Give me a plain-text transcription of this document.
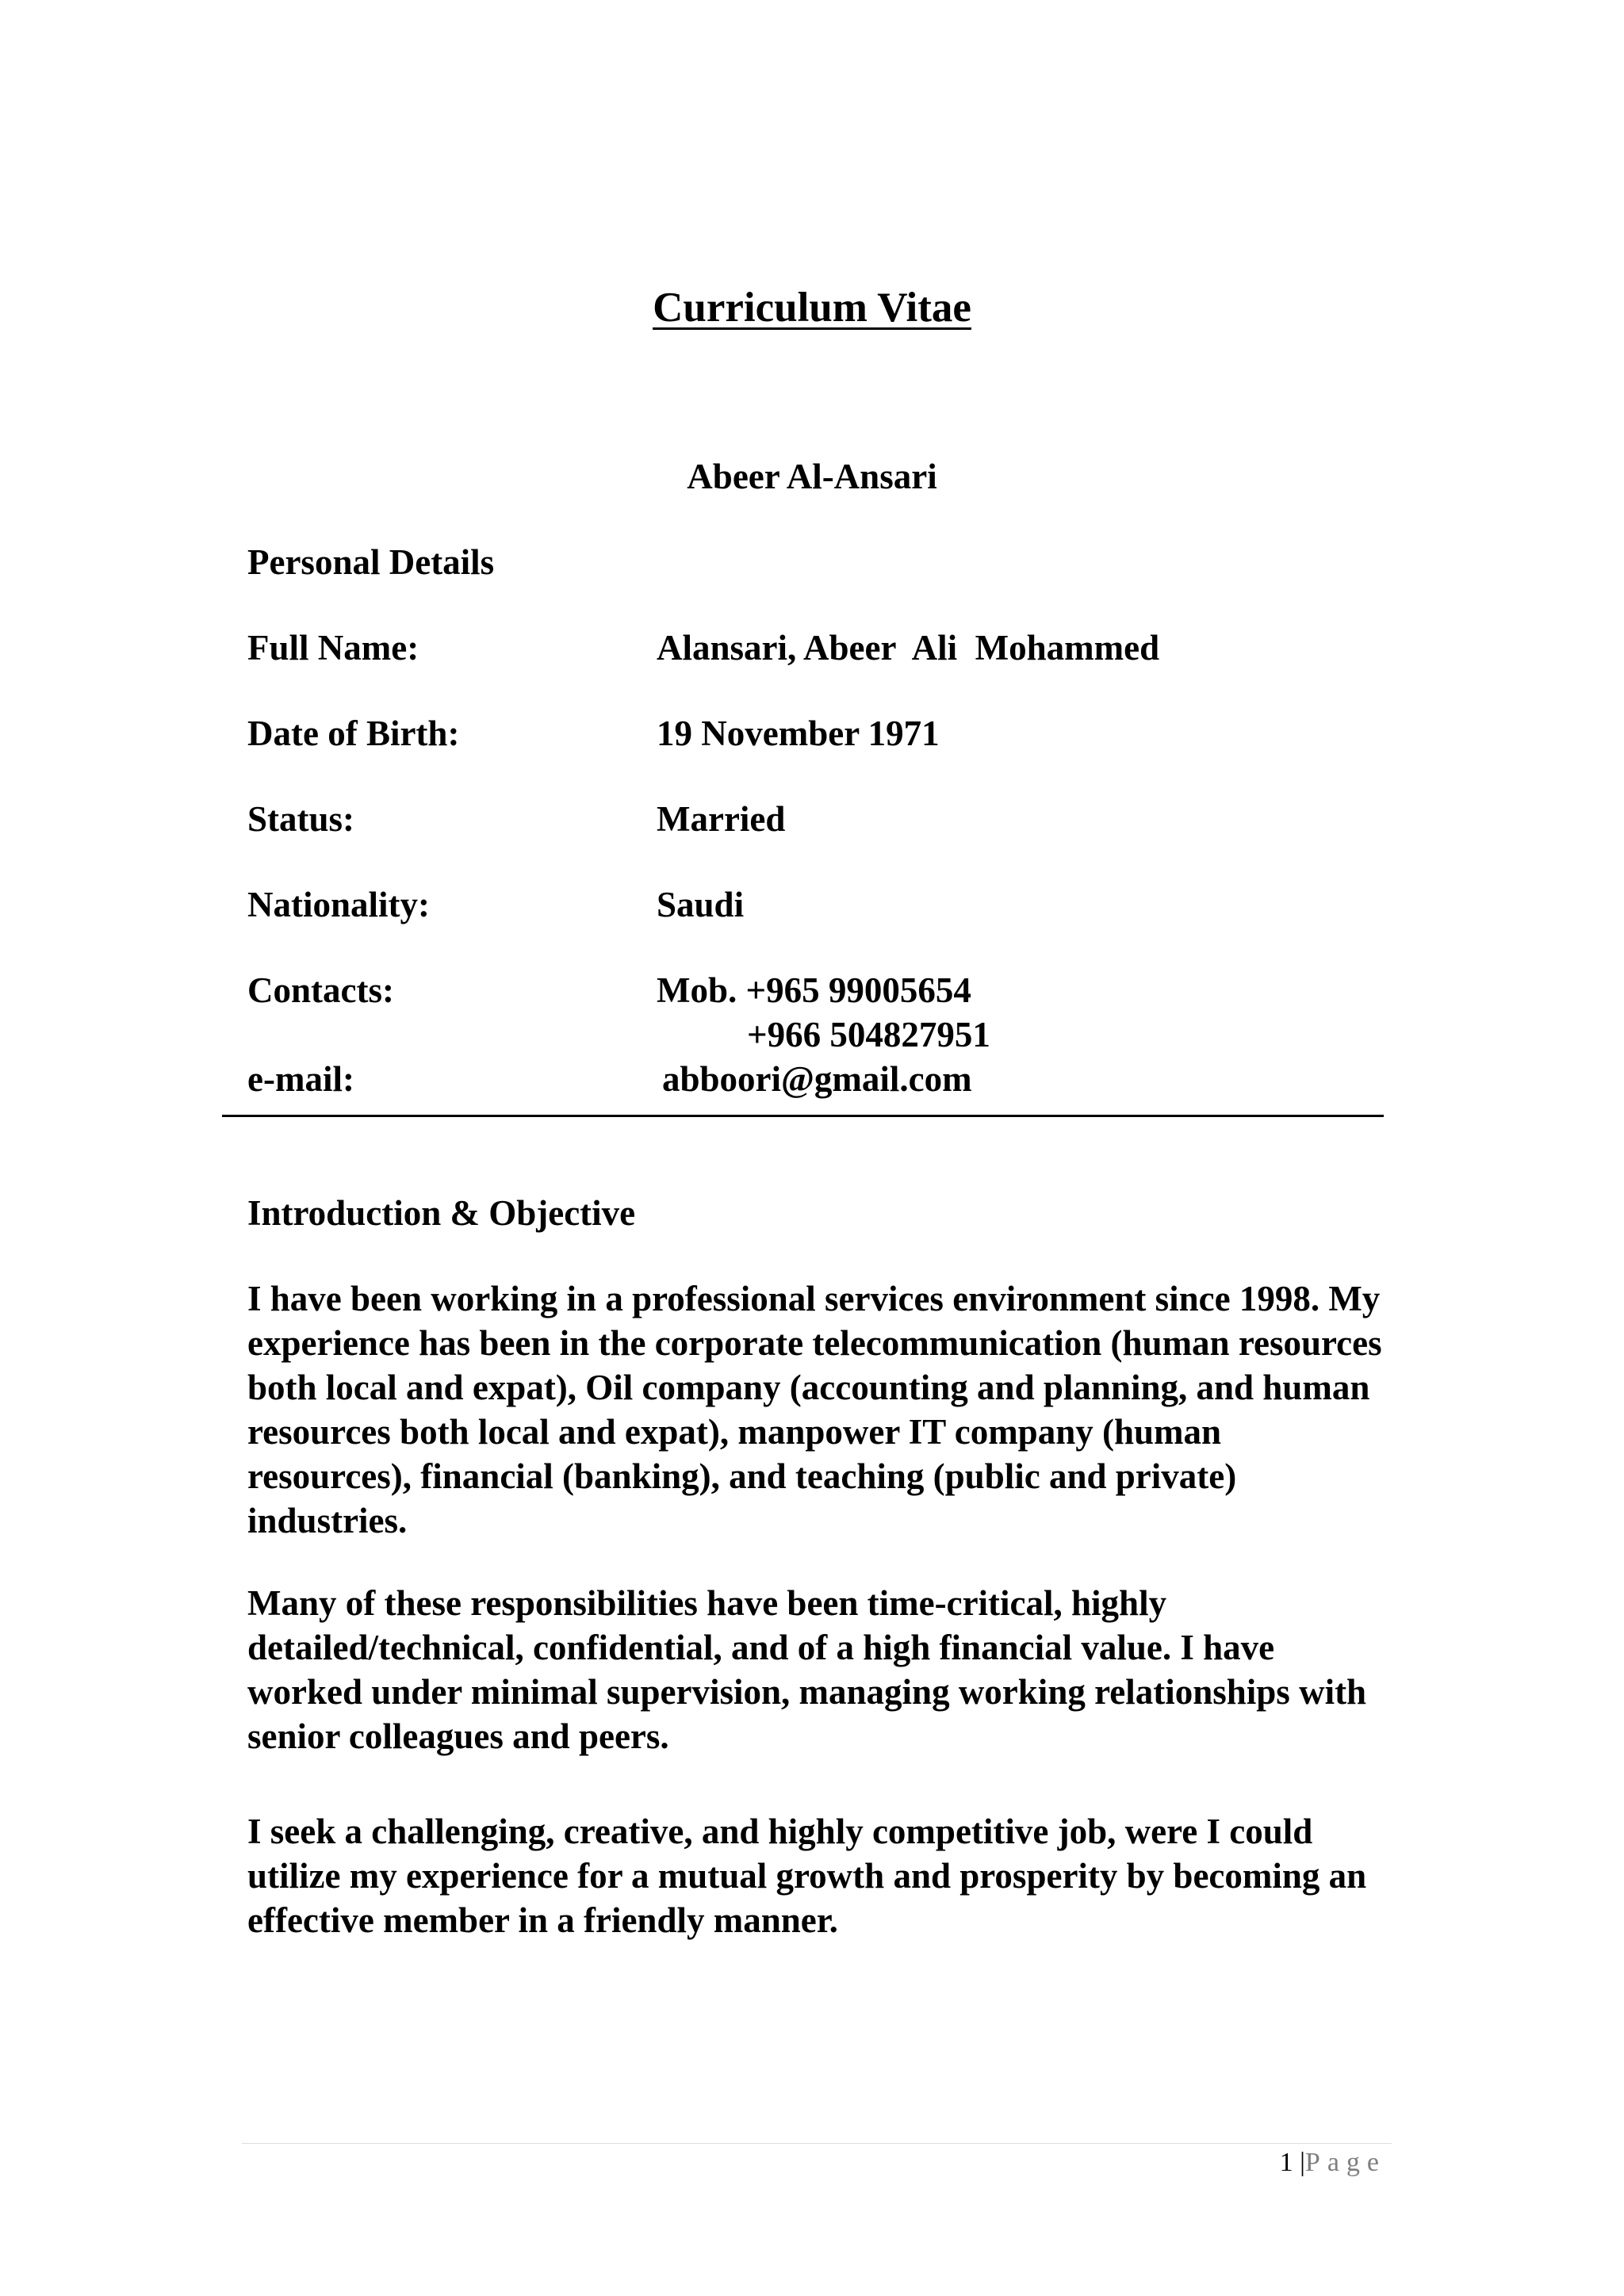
Curriculum Vitae
Abeer Al-Ansari
Personal Details
Full Name:	Alansari, Abeer  Ali  Mohammed
Date of Birth:	19 November 1971
Status:	Married
Nationality:	Saudi
Contacts:	Mob. +965 99005654
+966 504827951
e-mail:	abboori@gmail.com
Introduction & Objective
I have been working in a professional services environment since 1998. My experience has been in the corporate telecommunication (human resources both local and expat), Oil company (accounting and planning, and human resources both local and expat), manpower IT company (human resources), financial (banking), and teaching (public and private) industries.
Many of these responsibilities have been time-critical, highly detailed/technical, confidential, and of a high financial value. I have worked under minimal supervision, managing working relationships with senior colleagues and peers.
I seek a challenging, creative, and highly competitive job, were I could utilize my experience for a mutual growth and prosperity by becoming an effective member in a friendly manner.
1 |Page
